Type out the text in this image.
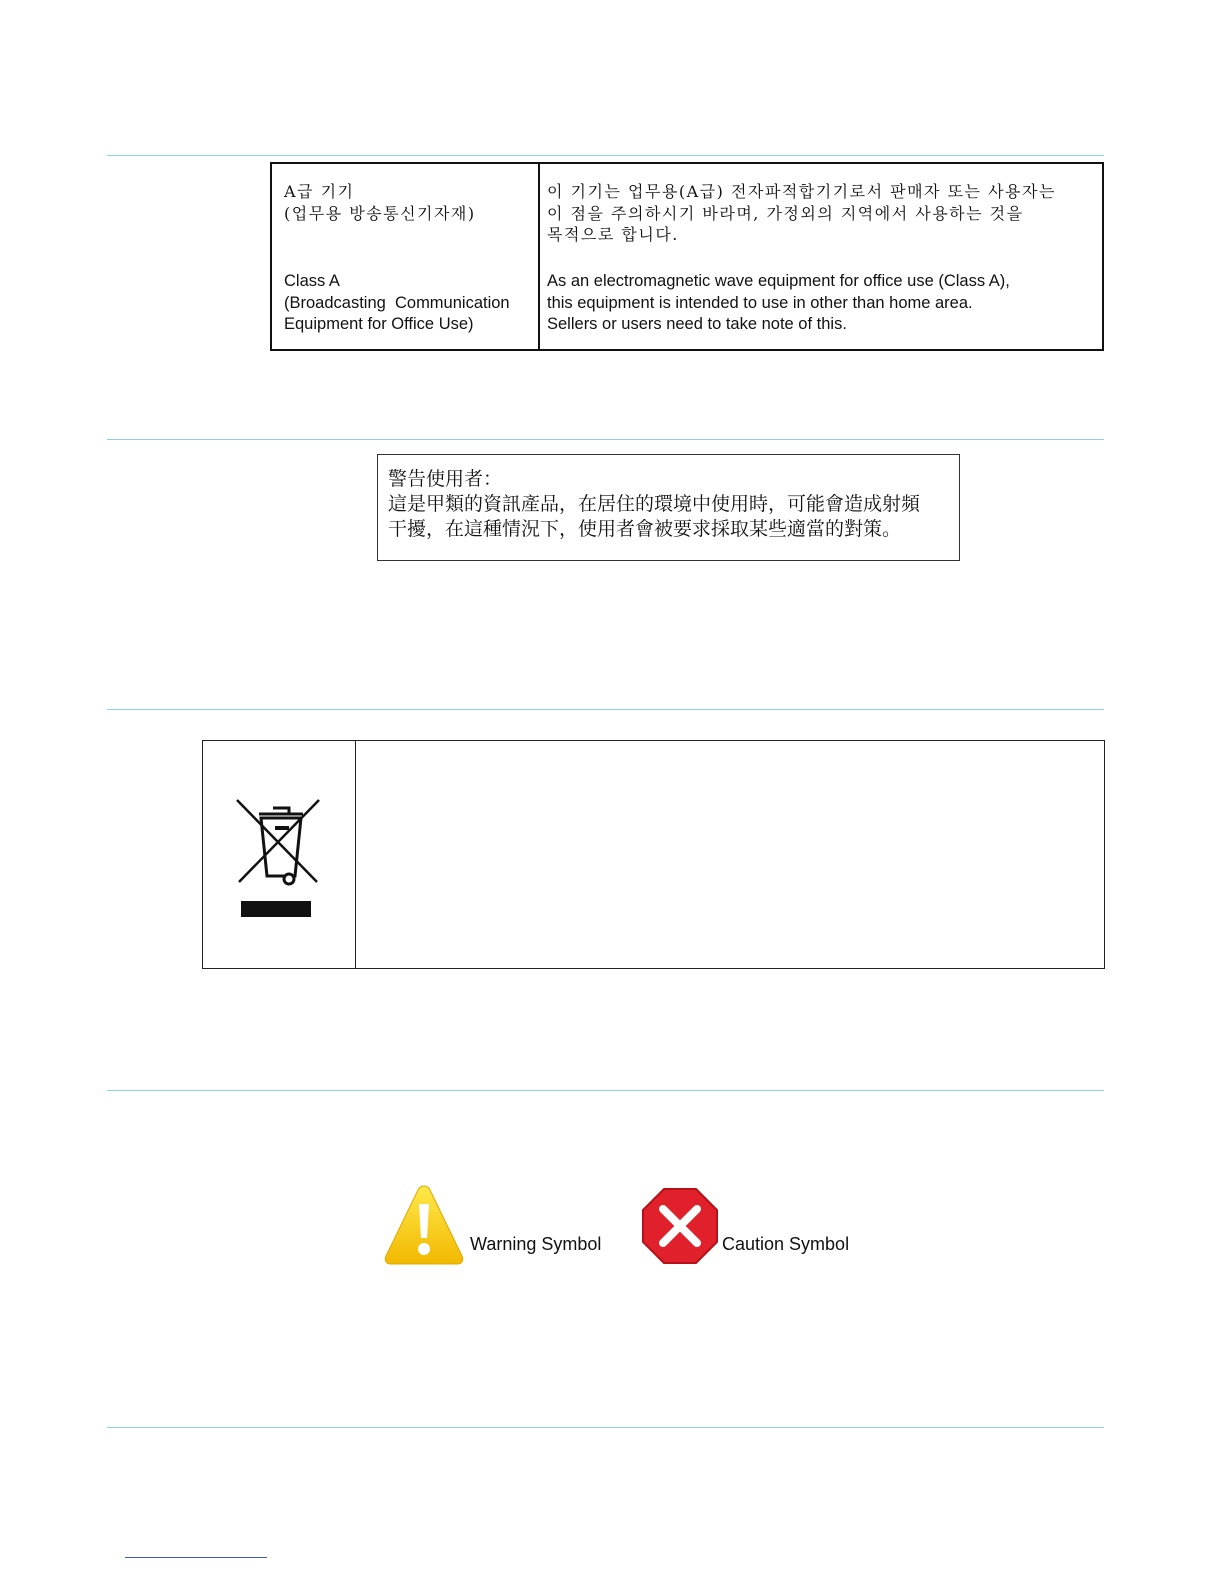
A급 기기
(업무용 방송통신기자재)
이 기기는 업무용(A급) 전자파적합기기로서 판매자 또는 사용자는
이 점을 주의하시기 바라며, 가정외의 지역에서 사용하는 것을
목적으로 합니다.
Class A
(Broadcasting  Communication
Equipment for Office Use)
As an electromagnetic wave equipment for office use (Class A),
this equipment is intended to use in other than home area.
Sellers or users need to take note of this.
警告使用者：
這是甲類的資訊產品，在居住的環境中使用時，可能會造成射頻
干擾，在這種情況下，使用者會被要求採取某些適當的對策。
Warning Symbol	Caution Symbol
